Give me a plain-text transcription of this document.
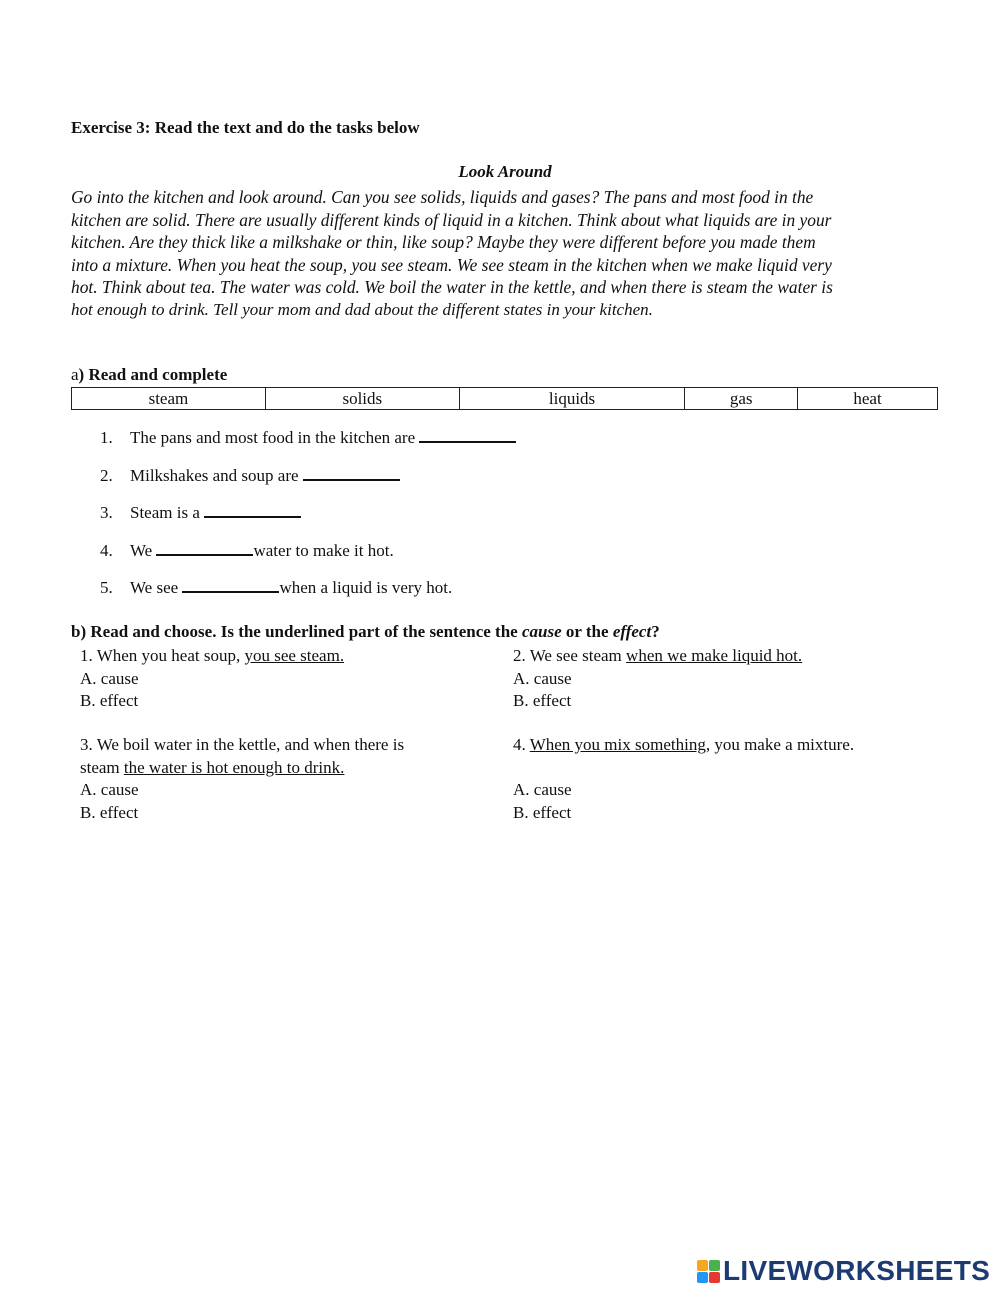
Exercise 3: Read the text and do the tasks below
Look Around

Go into the kitchen and look around. Can you see solids, liquids and gases? The pans and most food in the

kitchen are solid. There are usually different kinds of liquid in a kitchen. Think about what liquids are in your

kitchen. Are they thick like a milkshake or thin, like soup? Maybe they were different before you made them

into a mixture. When you heat the soup, you see steam. We see steam in the kitchen when we make liquid very

hot. Think about tea. The water was cold. We boil the water in the kettle, and when there is steam the water is

hot enough to drink. Tell your mom and dad about the different states in your kitchen.

a) Read and complete
steam	solids	liquids	gas	heat
1. The pans and most food in the kitchen are
2. Milkshakes and soup are
3. Steam is a
4. We	water to make it hot.
5. We see	when a liquid is very hot.
b) Read and choose. Is the underlined part of the sentence the cause or the effect?
1. When you heat soup, you see steam.
A. cause
B. effect
2. We see steam when we make liquid hot.
A. cause
B. effect
3. We boil water in the kettle, and when there is
steam the water is hot enough to drink.
A. cause
B. effect
4. When you mix something, you make a mixture.
A. cause
B. effect
LIVEWORKSHEETS
